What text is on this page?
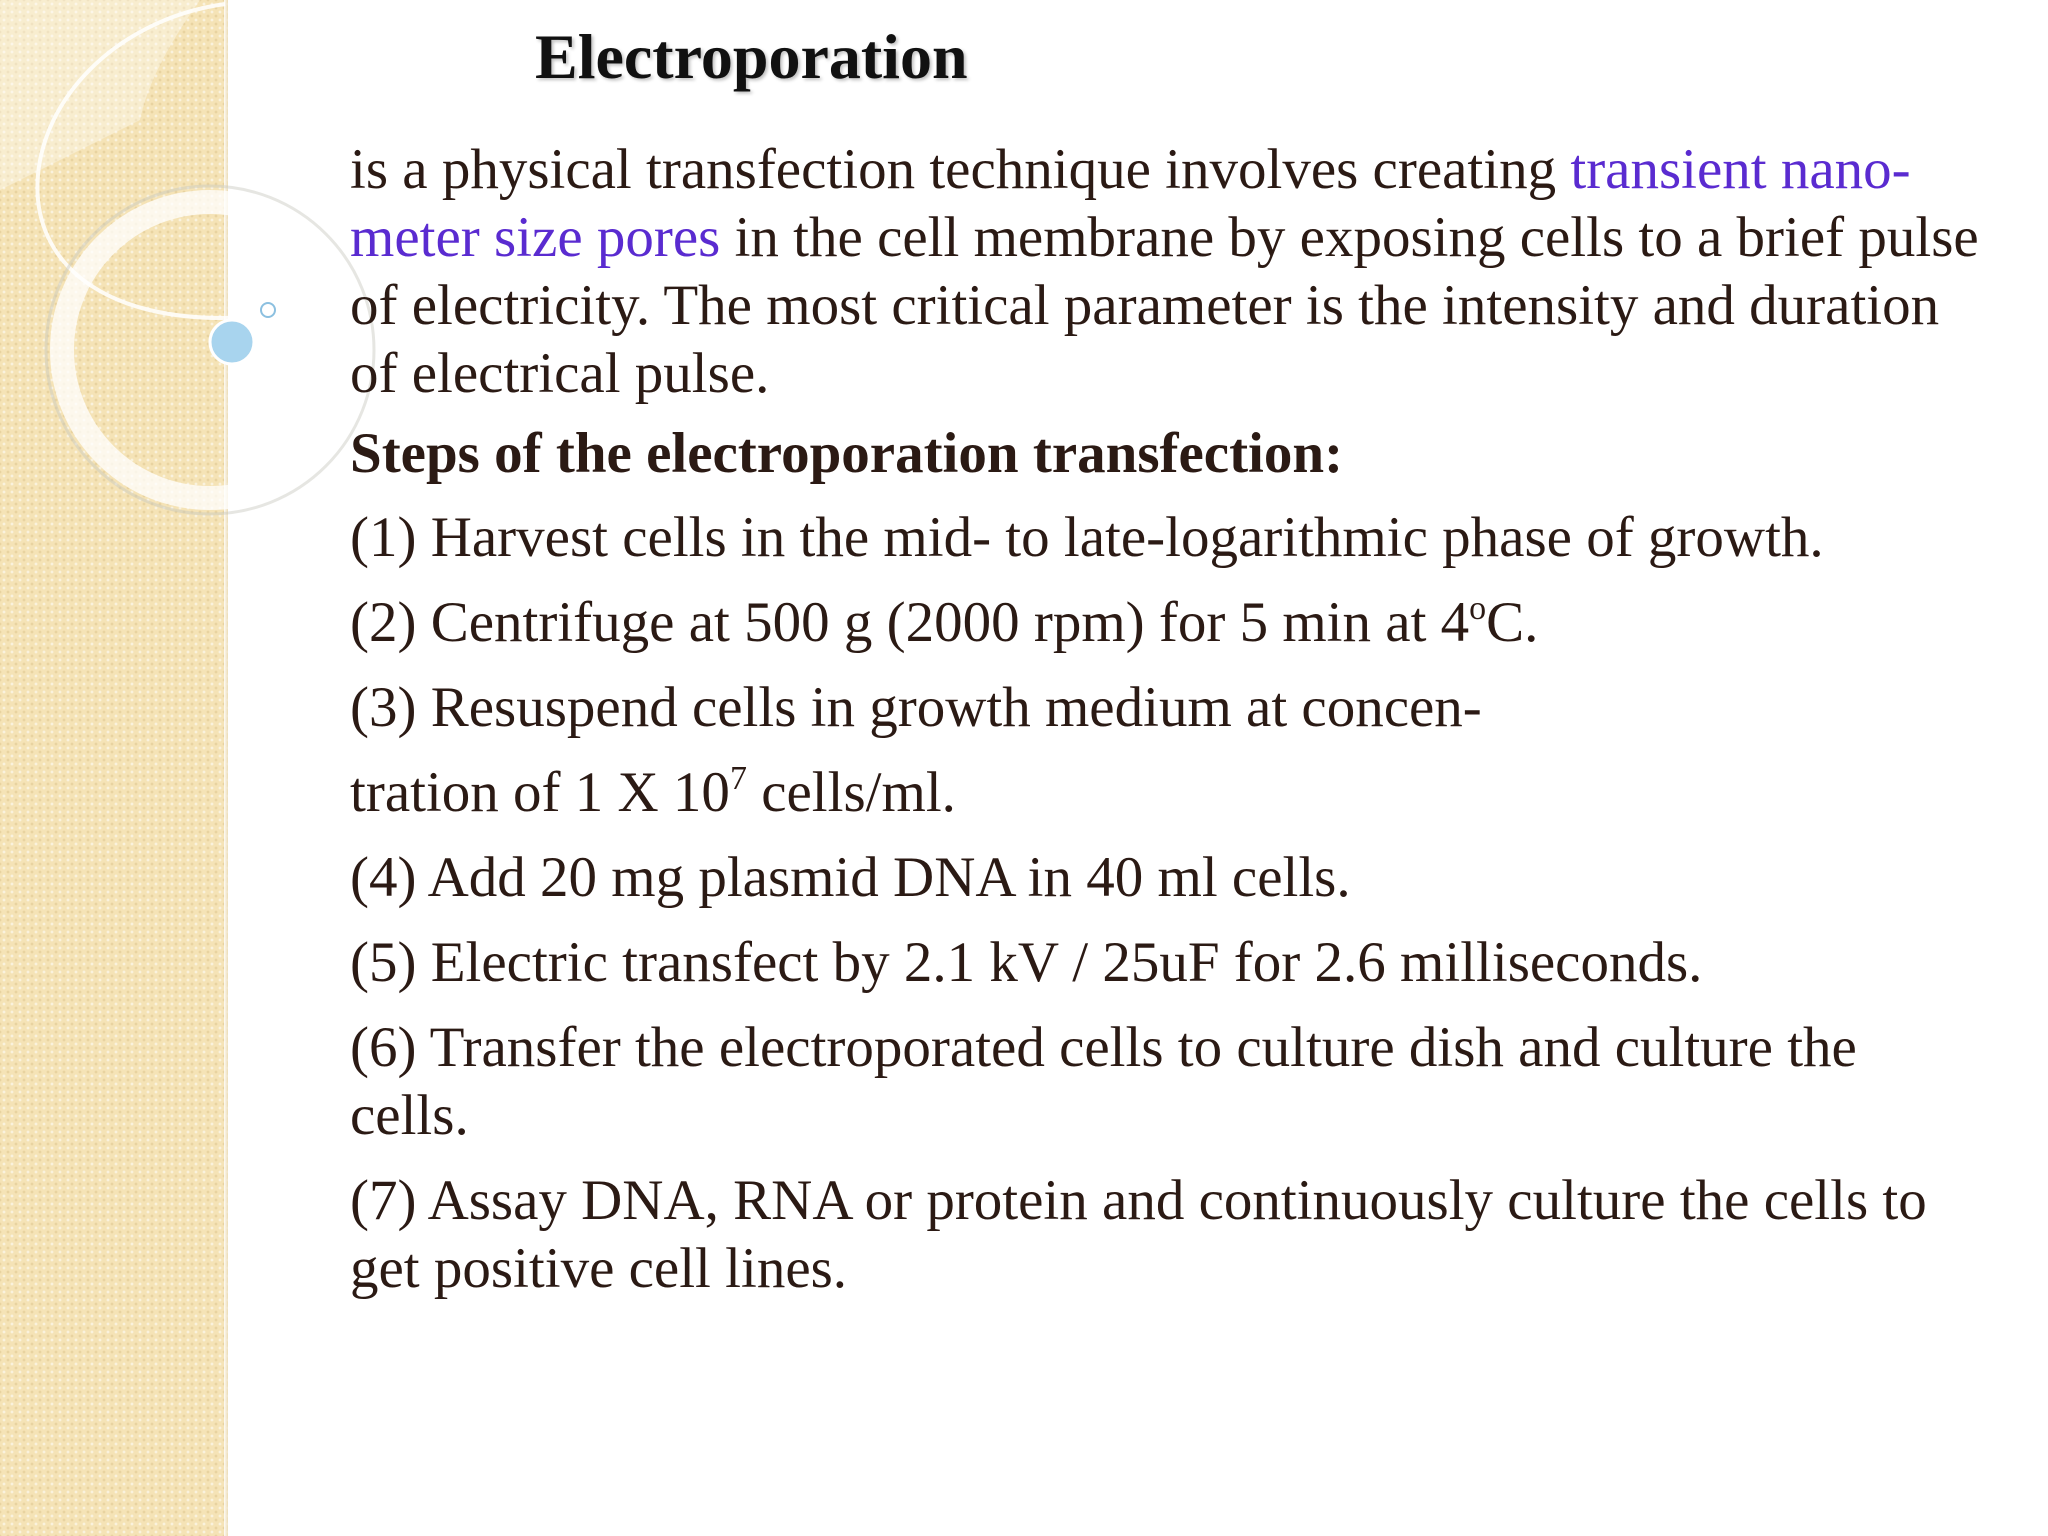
Electroporation

is a physical transfection technique involves creating transient nano-meter size pores in the cell membrane by exposing cells to a brief pulse of electricity. The most critical parameter is the intensity and duration of electrical pulse.

Steps of the electroporation transfection:

(1) Harvest cells in the mid- to late-logarithmic phase of growth.

(2) Centrifuge at 500 g (2000 rpm) for 5 min at 4$^o$C.

(3) Resuspend cells in growth medium at concen-

tration of 1 X $10^7$ cells/ml.

(4) Add 20 mg plasmid DNA in 40 ml cells.

(5) Electric transfect by 2.1 kV / 25uF for 2.6 milliseconds.

(6) Transfer the electroporated cells to culture dish and culture the cells.

(7) Assay DNA, RNA or protein and continuously culture the cells to get positive cell lines.
